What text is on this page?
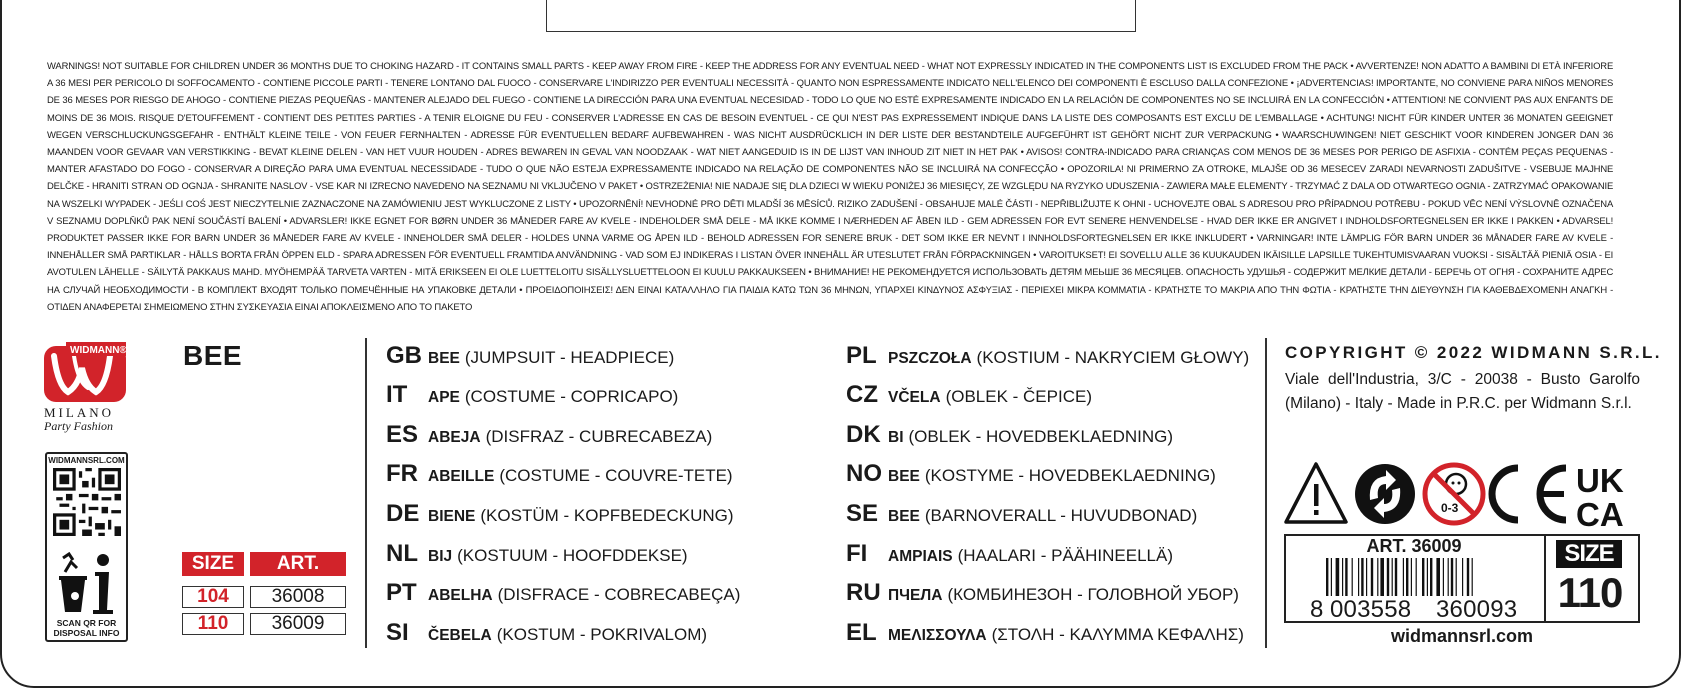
WARNINGS! NOT SUITABLE FOR CHILDREN UNDER 36 MONTHS DUE TO CHOKING HAZARD - IT CONTAINS SMALL PARTS - KEEP AWAY FROM FIRE - KEEP THE ADDRESS FOR ANY EVENTUAL NEED - WHAT NOT EXPRESSLY INDICATED IN THE COMPONENTS LIST IS EXCLUDED FROM THE PACK • AVVERTENZE! NON ADATTO A BAMBINI DI ETÀ INFERIORE A 36 MESI PER PERICOLO DI SOFFOCAMENTO - CONTIENE PICCOLE PARTI - TENERE LONTANO DAL FUOCO - CONSERVARE L'INDIRIZZO PER EVENTUALI NECESSITÀ - QUANTO NON ESPRESSAMENTE INDICATO NELL'ELENCO DEI COMPONENTI È ESCLUSO DALLA CONFEZIONE • ¡ADVERTENCIAS! IMPORTANTE, NO CONVIENE PARA NIÑOS MENORES DE 36 MESES POR RIESGO DE AHOGO - CONTIENE PIEZAS PEQUEÑAS - MANTENER ALEJADO DEL FUEGO - CONTIENE LA DIRECCIÓN PARA UNA EVENTUAL NECESIDAD - TODO LO QUE NO ESTÉ EXPRESAMENTE INDICADO EN LA RELACIÓN DE COMPONENTES NO SE INCLUIRÁ EN LA CONFECCIÓN • ATTENTION! NE CONVIENT PAS AUX ENFANTS DE MOINS DE 36 MOIS. RISQUE D'ETOUFFEMENT - CONTIENT DES PETITES PARTIES - A TENIR ELOIGNE DU FEU - CONSERVER L'ADRESSE EN CAS DE BESOIN EVENTUEL - CE QUI N'EST PAS EXPRESSEMENT INDIQUE DANS LA LISTE DES COMPOSANTS EST EXCLU DE L'EMBALLAGE • ACHTUNG! NICHT FÜR KINDER UNTER 36 MONATEN GEEIGNET WEGEN VERSCHLUCKUNGSGEFAHR - ENTHÄLT KLEINE TEILE - VON FEUER FERNHALTEN - ADRESSE FÜR EVENTUELLEN BEDARF AUFBEWAHREN - WAS NICHT AUSDRÜCKLICH IN DER LISTE DER BESTANDTEILE AUFGEFÜHRT IST GEHÖRT NICHT ZUR VERPACKUNG • WAARSCHUWINGEN! NIET GESCHIKT VOOR KINDEREN JONGER DAN 36 MAANDEN VOOR GEVAAR VAN VERSTIKKING - BEVAT KLEINE DELEN - VAN HET VUUR HOUDEN - ADRES BEWAREN IN GEVAL VAN NOODZAAK - WAT NIET AANGEDUID IS IN DE LIJST VAN INHOUD ZIT NIET IN HET PAK • AVISOS! CONTRA-INDICADO PARA CRIANÇAS COM MENOS DE 36 MESES POR PERIGO DE ASFIXIA - CONTÉM PEÇAS PEQUENAS - MANTER AFASTADO DO FOGO - CONSERVAR A DIREÇÃO PARA UMA EVENTUAL NECESSIDADE - TUDO O QUE NÃO ESTEJA EXPRESSAMENTE INDICADO NA RELAÇÃO DE COMPONENTES NÃO SE INCLUIRÁ NA CONFECÇÃO • OPOZORILA! NI PRIMERNO ZA OTROKE, MLAJŠE OD 36 MESECEV ZARADI NEVARNOSTI ZADUŠITVE - VSEBUJE MAJHNE DELČKE - HRANITI STRAN OD OGNJA - SHRANITE NASLOV - VSE KAR NI IZRECNO NAVEDENO NA SEZNAMU NI VKLJUČENO V PAKET • OSTRZEŻENIA! NIE NADAJE SIĘ DLA DZIECI W WIEKU PONIŻEJ 36 MIESIĘCY, ZE WZGLĘDU NA RYZYKO UDUSZENIA - ZAWIERA MAŁE ELEMENTY - TRZYMAĆ Z DALA OD OTWARTEGO OGNIA - ZATRZYMAĆ OPAKOWANIE NA WSZELKI WYPADEK - JEŚLI COŚ JEST NIECZYTELNIE ZAZNACZONE NA ZAMÓWIENIU JEST WYKLUCZONE Z LISTY • UPOZORNĚNÍ! NEVHODNÉ PRO DĚTI MLADŠÍ 36 MĚSÍCŮ. RIZIKO ZADUŠENÍ - OBSAHUJE MALÉ ČÁSTI - NEPŘIBLIŽUJTE K OHNI - UCHOVEJTE OBAL S ADRESOU PRO PŘÍPADNOU POTŘEBU - POKUD VĚC NENÍ VÝSLOVNĚ OZNAČENA V SEZNAMU DOPLŇKŮ PAK NENÍ SOUČÁSTÍ BALENÍ • ADVARSLER! IKKE EGNET FOR BØRN UNDER 36 MÅNEDER FARE AV KVELE - INDEHOLDER SMÅ DELE - MÅ IKKE KOMME I NÆRHEDEN AF ÅBEN ILD - GEM ADRESSEN FOR EVT SENERE HENVENDELSE - HVAD DER IKKE ER ANGIVET I INDHOLDSFORTEGNELSEN ER IKKE I PAKKEN • ADVARSEL! PRODUKTET PASSER IKKE FOR BARN UNDER 36 MÅNEDER FARE AV KVELE - INNEHOLDER SMÅ DELER - HOLDES UNNA VARME OG ÅPEN ILD - BEHOLD ADRESSEN FOR SENERE BRUK - DET SOM IKKE ER NEVNT I INNHOLDSFORTEGNELSEN ER IKKE INKLUDERT • VARNINGAR! INTE LÄMPLIG FÖR BARN UNDER 36 MÅNADER FARE AV KVELE - INNEHÅLLER SMÅ PARTIKLAR - HÅLLS BORTA FRÅN ÖPPEN ELD - SPARA ADRESSEN FÖR EVENTUELL FRAMTIDA ANVÄNDNING - VAD SOM EJ INDIKERAS I LISTAN ÖVER INNEHÅLL ÄR UTESLUTET FRÅN FÖRPACKNINGEN • VAROITUKSET! EI SOVELLU ALLE 36 KUUKAUDEN IKÄISILLE LAPSILLE TUKEHTUMISVAARAN VUOKSI - SISÄLTÄÄ PIENIÄ OSIA - EI AVOTULEN LÄHELLE - SÄILYTÄ PAKKAUS MAHD. MYÖHEMPÄÄ TARVETA VARTEN - MITÄ ERIKSEEN EI OLE LUETTELOITU SISÄLLYSLUETTELOON EI KUULU PAKKAUKSEEN • ВНИМАНИЕ! НЕ РЕКОМЕНДУЕТСЯ ИСПОЛЬЗОВАТЬ ДЕТЯМ МЕЬШЕ 36 МЕСЯЦЕВ. ОПАСНОСТЬ УДУШЬЯ - СОДЕРЖИТ МЕЛКИЕ ДЕТАЛИ - БЕРЕЧЬ ОТ ОГНЯ - СОХРАНИТЕ АДРЕС НА СЛУЧАЙ НЕОБХОДИМОСТИ - В КОМПЛЕКТ ВХОДЯТ ТОЛЬКО ПОМЕЧЁННЫЕ НА УПАКОВКЕ ДЕТАЛИ • ΠΡΟΕΙΔΟΠΟΙΗΣΕΙΣ! ΔΕΝ ΕΙΝΑΙ ΚΑΤΑΛΛΗΛΟ ΓΙΑ ΠΑΙΔΙΑ ΚΑΤΩ ΤΩΝ 36 ΜΗΝΩΝ, ΥΠΑΡΧΕΙ ΚΙΝΔΥΝΟΣ ΑΣΦΥΞΙΑΣ - ΠΕΡΙΕΧΕΙ ΜΙΚΡΑ ΚΟΜΜΑΤΙΑ - ΚΡΑΤΗΣΤΕ ΤΟ ΜΑΚΡΙΑ ΑΠΟ ΤΗΝ ΦΩΤΙΑ - ΚΡΑΤΗΣΤΕ ΤΗΝ ΔΙΕΥΘΥΝΣΗ ΓΙΑ ΚΑΘΕΒΔΕΧΟΜΕΝΗ ΑΝΑΓΚΗ - ΟΤΙΔΕΝ ΑΝΑΦΕΡΕΤΑΙ ΣΗΜΕΙΩΜΕΝΟ ΣΤΗΝ ΣΥΣΚΕΥΑΣΙΑ ΕΙΝΑΙ ΑΠΟΚΛΕΙΣΜΕΝΟ ΑΠΟ ΤΟ ΠΑΚΕΤΟ

WIDMANN®
MILANO
Party Fashion
WIDMANNSRL.COM
SCAN QR FOR
DISPOSAL INFO
BEE
SIZE	ART.
104	36008
110	36009
GB BEE (JUMPSUIT - HEADPIECE)
IT APE (COSTUME - COPRICAPO)
ES ABEJA (DISFRAZ - CUBRECABEZA)
FR ABEILLE (COSTUME - COUVRE-TETE)
DE BIENE (KOSTÜM - KOPFBEDECKUNG)
NL BIJ (KOSTUUM - HOOFDDEKSE)
PT ABELHA (DISFRACE - COBRECABEÇA)
SI ČEBELA (KOSTUM - POKRIVALOM)
PL PSZCZOŁA (KOSTIUM - NAKRYCIEM GŁOWY)
CZ VČELA (OBLEK - ČEPICE)
DK BI (OBLEK - HOVEDBEKLAEDNING)
NO BEE (KOSTYME - HOVEDBEKLAEDNING)
SE BEE (BARNOVERALL - HUVUDBONAD)
FI AMPIAIS (HAALARI - PÄÄHINEELLÄ)
RU ПЧЕЛА (КОМБИНЕЗОН - ГОЛОВНОЙ УБОР)
EL ΜΕΛΙΣΣΟΥΛΑ (ΣΤΟΛΗ - ΚΑΛΥΜΜΑ ΚΕΦΑΛΗΣ)
COPYRIGHT © 2022 WIDMANN S.R.L.
Viale dell'Industria, 3/C - 20038 - Busto Garolfo (Milano) - Italy - Made in P.R.C. per Widmann S.r.l.
0-3
UK
CA
ART. 36009
8 003558 360093
SIZE
110
widmannsrl.com
